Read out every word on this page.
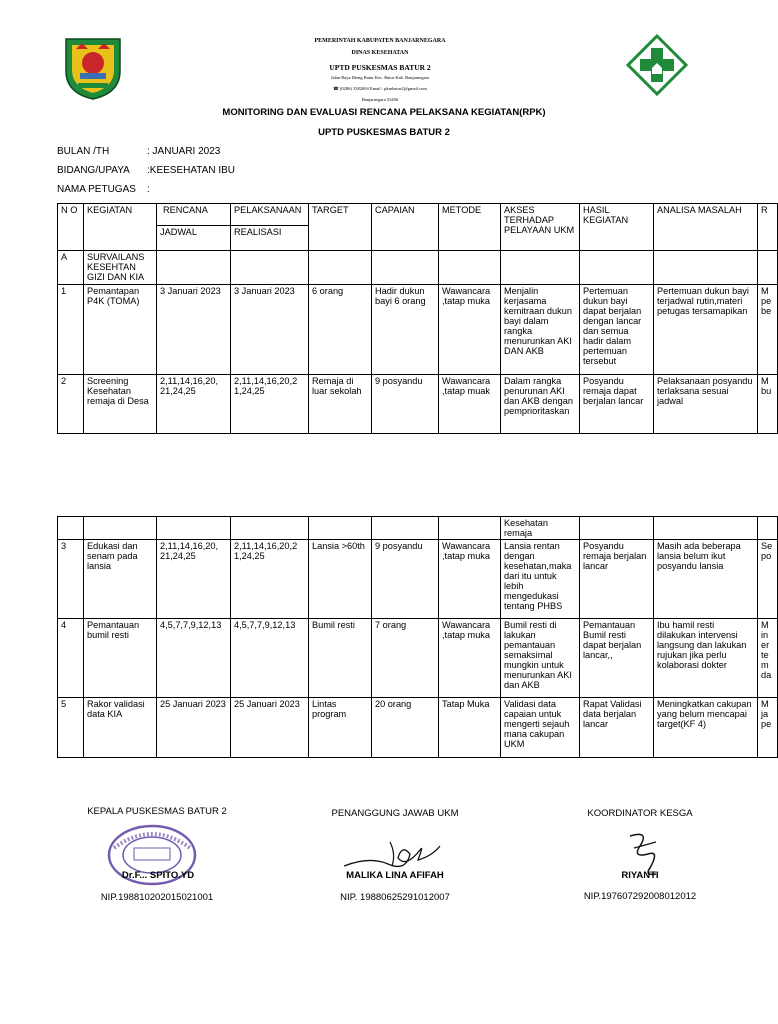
PEMERINTAH KABUPATEN BANJARNEGARA
DINAS KESEHATAN
UPTD PUSKESMAS BATUR 2
Jalan Raya Dieng Batur Kec. Batur Kab. Banjarnegara
☎ (0286) 3382694 Email : pkmbatur2@gmail.com
Banjarnegara 53456
MONITORING DAN EVALUASI RENCANA PELAKSANA KEGIATAN(RPK)
UPTD PUSKESMAS BATUR 2
BULAN /TH	: JANUARI 2023
BIDANG/UPAYA :KEESEHATAN IBU
NAMA PETUGAS :
N O	KEGIATAN	RENCANA	PELAKSANAAN	TARGET	CAPAIAN	METODE	AKSES TERHADAP PELAYAAN UKM	HASIL KEGIATAN	ANALISA MASALAH	R
		JADWAL	REALISASI							
A	SURVAILANS KESEHTAN GIZI DAN KIA									
1	Pemantapan P4K (TOMA)	3 Januari 2023	3 Januari 2023	6 orang	Hadir dukun bayi 6 orang	Wawancara ,tatap muka	Menjalin kerjasama kemitraan dukun bayi dalam rangka menurunkan AKI DAN AKB	Pertemuan dukun bayi dapat berjalan dengan lancar dan semua hadir dalam pertemuan tersebut	Pertemuan dukun bayi terjadwal rutin,materi petugas tersamapikan	M pe be
2	Screening Kesehatan remaja di Desa	2,11,14,16,20, 21,24,25	2,11,14,16,20,2 1,24,25	Remaja di luar sekolah	9 posyandu	Wawancara ,tatap muak	Dalam rangka penurunan AKI dan AKB dengan pemprioritaskan	Posyandu remaja dapat berjalan lancar	Pelaksanaan posyandu terlaksana sesuai jadwal	M bu
							Kesehatan remaja			
3	Edukasi dan senam pada lansia	2,11,14,16,20, 21,24,25	2,11,14,16,20,2 1,24,25	Lansia >60th	9 posyandu	Wawancara ,tatap muka	Lansia rentan dengan kesehatan,maka dari itu untuk lebih mengedukasi tentang PHBS	Posyandu remaja berjalan lancar	Masih ada beberapa lansia belum ikut posyandu lansia	Se po
4	Pemantauan bumil resti	4,5,7,7,9,12,13	4,5,7,7,9,12,13	Bumil resti	7 orang	Wawancara ,tatap muka	Bumil resti di lakukan pemantauan semaksimal mungkin untuk menurunkan AKI dan AKB	Pemantauan Bumil resti dapat berjalan lancar,,	Ibu hamil resti dilakukan intervensi langsung dan lakukan rujukan jika perlu kolaborasi dokter	M in er te m da
5	Rakor validasi data KIA	25 Januari 2023	25 Januari 2023	Lintas program	20 orang	Tatap Muka	Validasi data capaian untuk mengerti sejauh mana cakupan UKM	Rapat Validasi data berjalan lancar	Meningkatkan cakupan yang belum mencapai target(KF 4)	M ja pe
KEPALA PUSKESMAS BATUR 2	PENANGGUNG JAWAB UKM	KOORDINATOR KESGA
Dr.F... SPITO.YD	MALIKA LINA AFIFAH	RIYANTI
NIP.198810202015021001	NIP. 19880625291012007	NIP.197607292008012012
